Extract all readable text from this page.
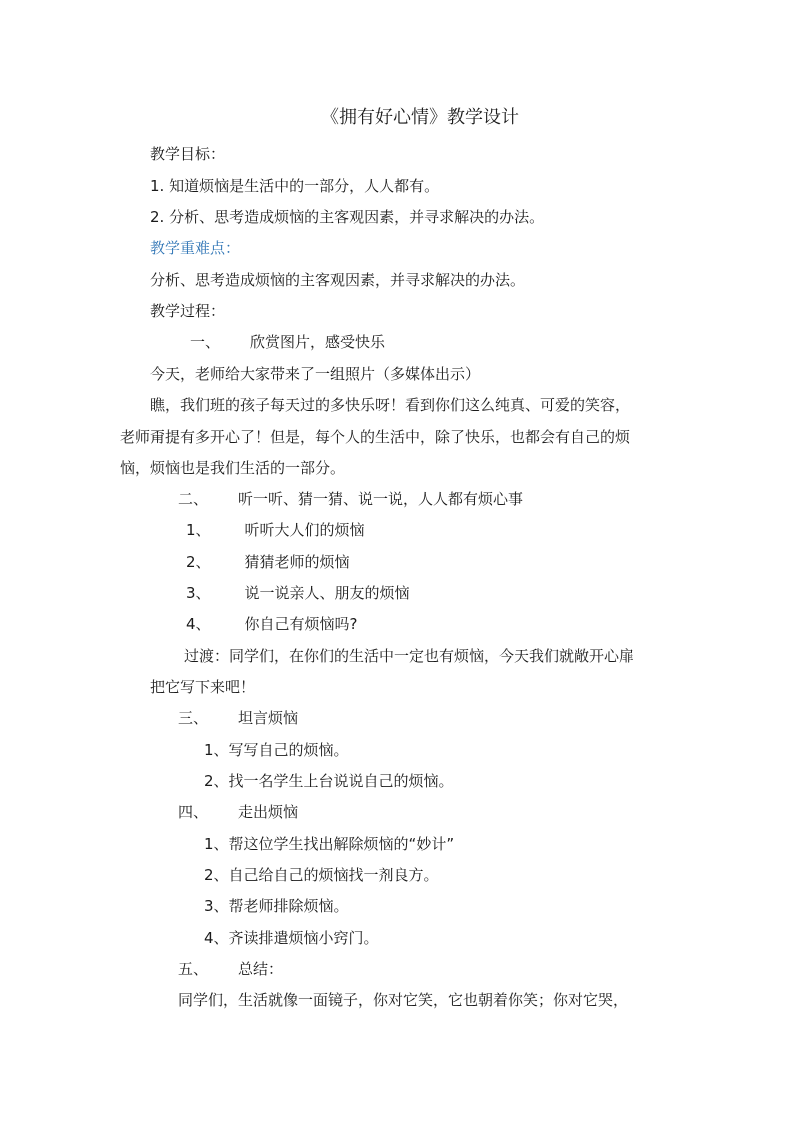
《拥有好心情》教学设计
教学目标：
1. 知道烦恼是生活中的一部分，人人都有。
2. 分析、思考造成烦恼的主客观因素，并寻求解决的办法。
教学重难点：
分析、思考造成烦恼的主客观因素，并寻求解决的办法。
教学过程：
一、 欣赏图片，感受快乐
今天，老师给大家带来了一组照片（多媒体出示）
瞧，我们班的孩子每天过的多快乐呀！看到你们这么纯真、可爱的笑容，
老师甭提有多开心了！但是，每个人的生活中，除了快乐，也都会有自己的烦
恼，烦恼也是我们生活的一部分。
二、 听一听、猜一猜、说一说，人人都有烦心事
1、 听听大人们的烦恼
2、 猜猜老师的烦恼
3、 说一说亲人、朋友的烦恼
4、 你自己有烦恼吗?
过渡：同学们，在你们的生活中一定也有烦恼，今天我们就敞开心扉
把它写下来吧！
三、 坦言烦恼
1、写写自己的烦恼。
2、找一名学生上台说说自己的烦恼。
四、 走出烦恼
1、帮这位学生找出解除烦恼的“妙计”
2、自己给自己的烦恼找一剂良方。
3、帮老师排除烦恼。
4、齐读排遣烦恼小窍门。
五、 总结：
同学们，生活就像一面镜子，你对它笑，它也朝着你笑；你对它哭，
